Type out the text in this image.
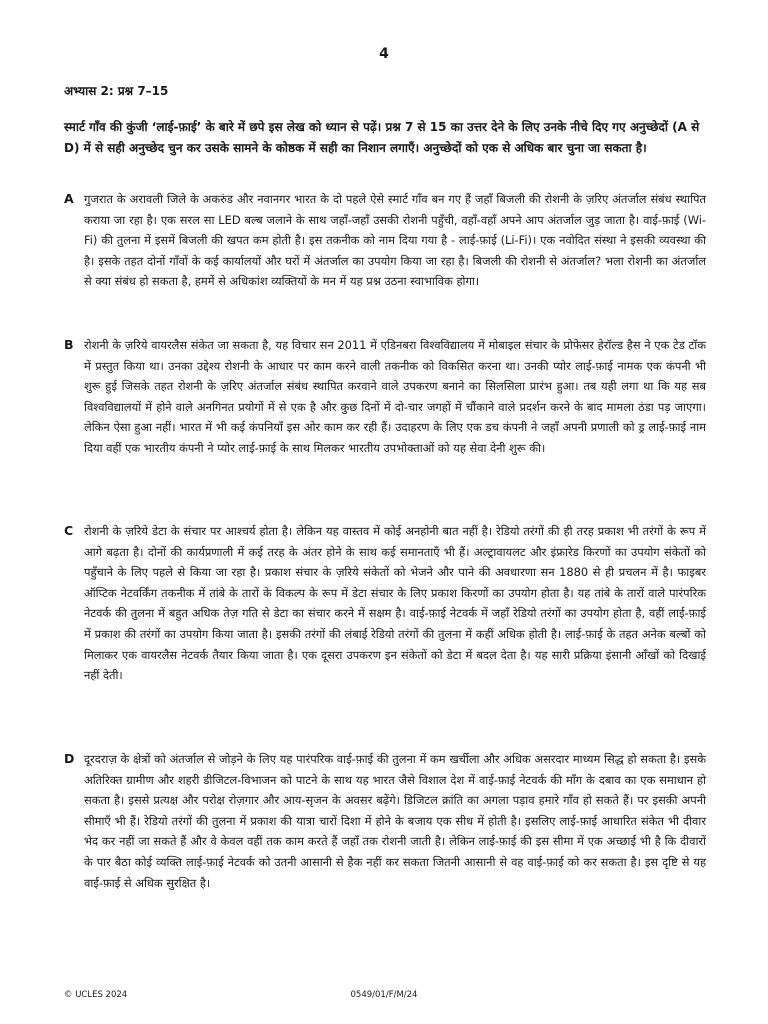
4
अभ्यास 2: प्रश्न 7–15
स्मार्ट गाँव की कुंजी ‘लाई-फ़ाई’ के बारे में छपे इस लेख को ध्यान से पढ़ें। प्रश्न 7 से 15 का उत्तर देने के लिए उनके नीचे दिए गए अनुच्छेदों (A से D) में से सही अनुच्छेद चुन कर उसके सामने के कोष्ठक में सही का निशान लगाएँ। अनुच्छेदों को एक से अधिक बार चुना जा सकता है।
A गुजरात के अरावली जिले के अकरुंड और नवानगर भारत के दो पहले ऐसे स्मार्ट गाँव बन गए हैं जहाँ बिजली की रोशनी के ज़रिए अंतर्जाल संबंध स्थापित कराया जा रहा है। एक सरल सा LED बल्ब जलाने के साथ जहाँ-जहाँ उसकी रोशनी पहुँची, वहाँ-वहाँ अपने आप अंतर्जाल जुड़ जाता है। वाई-फ़ाई (Wi-Fi) की तुलना में इसमें बिजली की खपत कम होती है। इस तकनीक को नाम दिया गया है - लाई-फ़ाई (Li-Fi)। एक नवोदित संस्था ने इसकी व्यवस्था की है। इसके तहत दोनों गाँवों के कई कार्यालयों और घरों में अंतर्जाल का उपयोग किया जा रहा है। बिजली की रोशनी से अंतर्जाल? भला रोशनी का अंतर्जाल से क्या संबंध हो सकता है, हममें से अधिकांश व्यक्तियों के मन में यह प्रश्न उठना स्वाभाविक होगा।
B रोशनी के ज़रिये वायरलैस संकेत जा सकता है, यह विचार सन 2011 में एडिनबरा विश्वविद्यालय में मोबाइल संचार के प्रोफेसर हेरॉल्ड हैस ने एक टेड टॉक में प्रस्तुत किया था। उनका उद्देश्य रोशनी के आधार पर काम करने वाली तकनीक को विकसित करना था। उनकी प्योर लाई-फ़ाई नामक एक कंपनी भी शुरू हुई जिसके तहत रोशनी के ज़रिए अंतर्जाल संबंध स्थापित करवाने वाले उपकरण बनाने का सिलसिला प्रारंभ हुआ। तब यही लगा था कि यह सब विश्वविद्यालयों में होने वाले अनगिनत प्रयोगों में से एक है और कुछ दिनों में दो-चार जगहों में चौंकाने वाले प्रदर्शन करने के बाद मामला ठंडा पड़ जाएगा। लेकिन ऐसा हुआ नहीं। भारत में भी कई कंपनियाँ इस ओर काम कर रही हैं। उदाहरण के लिए एक डच कंपनी ने जहाँ अपनी प्रणाली को ड्र लाई-फ़ाई नाम दिया वहीं एक भारतीय कंपनी ने प्योर लाई-फ़ाई के साथ मिलकर भारतीय उपभोक्ताओं को यह सेवा देनी शुरू की।
C रोशनी के ज़रिये डेटा के संचार पर आश्चर्य होता है। लेकिन यह वास्तव में कोई अनहोनी बात नहीं है। रेडियो तरंगों की ही तरह प्रकाश भी तरंगों के रूप में आगे बढ़ता है। दोनों की कार्यप्रणाली में कई तरह के अंतर होने के साथ कई समानताएँ भी हैं। अल्ट्रावायलट और इंफ्रारेड किरणों का उपयोग संकेतों को पहुँचाने के लिए पहले से किया जा रहा है। प्रकाश संचार के ज़रिये संकेतों को भेजने और पाने की अवधारणा सन 1880 से ही प्रचलन में है। फाइबर ऑप्टिक नेटवर्किंग तकनीक में तांबे के तारों के विकल्प के रूप में डेटा संचार के लिए प्रकाश किरणों का उपयोग होता है। यह तांबे के तारों वाले पारंपरिक नेटवर्क की तुलना में बहुत अधिक तेज़ गति से डेटा का संचार करने में सक्षम है। वाई-फ़ाई नेटवर्क में जहाँ रेडियो तरंगों का उपयोग होता है, वहीं लाई-फ़ाई में प्रकाश की तरंगों का उपयोग किया जाता है। इसकी तरंगों की लंबाई रेडियो तरंगों की तुलना में कहीं अधिक होती है। लाई-फ़ाई के तहत अनेक बल्बों को मिलाकर एक वायरलैस नेटवर्क तैयार किया जाता है। एक दूसरा उपकरण इन संकेतों को डेटा में बदल देता है। यह सारी प्रक्रिया इंसानी आँखों को दिखाई नहीं देती।
D दूरदराज़ के क्षेत्रों को अंतर्जाल से जोड़ने के लिए यह पारंपरिक वाई-फ़ाई की तुलना में कम खर्चीला और अधिक असरदार माध्यम सिद्ध हो सकता है। इसके अतिरिक्त ग्रामीण और शहरी डीजिटल-विभाजन को पाटने के साथ यह भारत जैसे विशाल देश में वाई-फ़ाई नेटवर्क की माँग के दबाव का एक समाधान हो सकता है। इससे प्रत्यक्ष और परोक्ष रोज़गार और आय-सृजन के अवसर बढ़ेंगे। डिजिटल क्रांति का अगला पड़ाव हमारे गाँव हो सकते हैं। पर इसकी अपनी सीमाएँ भी हैं। रेडियो तरंगों की तुलना में प्रकाश की यात्रा चारों दिशा में होने के बजाय एक सीध में होती है। इसलिए लाई-फ़ाई आधारित संकेत भी दीवार भेद कर नहीं जा सकते हैं और वे केवल वहीं तक काम करते हैं जहाँ तक रोशनी जाती है। लेकिन लाई-फ़ाई की इस सीमा में एक अच्छाई भी है कि दीवारों के पार बैठा कोई व्यक्ति लाई-फ़ाई नेटवर्क को उतनी आसानी से हैक नहीं कर सकता जितनी आसानी से वह वाई-फ़ाई को कर सकता है। इस दृष्टि से यह वाई-फ़ाई से अधिक सुरक्षित है।
© UCLES 2024	0549/01/F/M/24
